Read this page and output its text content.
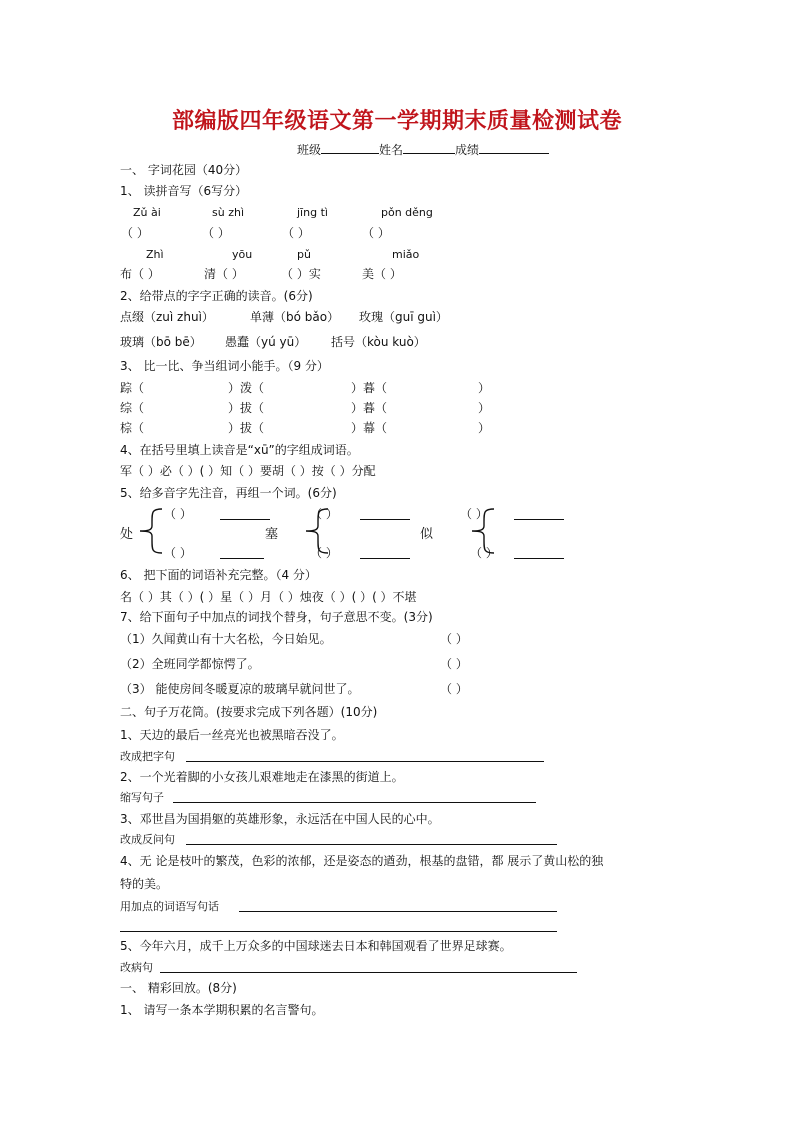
部编版四年级语文第一学期期末质量检测试卷
班级	姓名	成绩
一、 字词花园（40分）
1、 读拼音写（6写分）
Zǔ ài	sù zhì	jīng tì	pǒn děng
（ ）	（ ）	（ ）	（ ）
Zhì	yōu	pǔ	miǎo
布（ ）	清（ ）	（ ）实	美（ ）
2、给带点的字字正确的读音。(6分)
点缀（zuì zhuì）	单薄（bó bǎo） 玫瑰（guī guì）
玻璃（bō bē） 愚蠢（yú yū） 括号（kòu kuò）
3、 比一比、争当组词小能手。（9 分）
踪（	）泼（	）暮（	）
综（	）拔（	）暮（	）
棕（	）拔（	）幕（	）
4、在括号里填上读音是“xū”的字组成词语。
军（ ）必（ ）( ）知（ ）要胡（ ）按（ ）分配
5、给多音字先注音，再组一个词。(6分)
处
（ ）
（ ）
塞
（ ）
（ ）
似
（ ）
（ ）
6、 把下面的词语补充完整。（4 分）
名（ ）其（ ）( ）星（ ）月（ ）烛夜（ ）( ）( ）不堪
7、给下面句子中加点的词找个替身，句子意思不变。(3分)
（1）久闻黄山有十大名松，今日始见。	（ ）
（2）全班同学都惊愕了。	（ ）
（3） 能使房间冬暖夏凉的玻璃早就问世了。	（ ）
二、句子万花筒。(按要求完成下列各题）(10分)
1、天边的最后一丝亮光也被黑暗吞没了。
改成把字句
2、一个光着脚的小女孩儿艰难地走在漆黑的街道上。
缩写句子
3、邓世昌为国捐躯的英雄形象，永远活在中国人民的心中。
改成反问句
4、无 论是枝叶的繁茂，色彩的浓郁，还是姿态的遒劲，根基的盘错，都 展示了黄山松的独
特的美。
用加点的词语写句话
5、今年六月，成千上万众多的中国球迷去日本和韩国观看了世界足球赛。
改病句
一、 精彩回放。(8分)
1、 请写一条本学期积累的名言警句。
